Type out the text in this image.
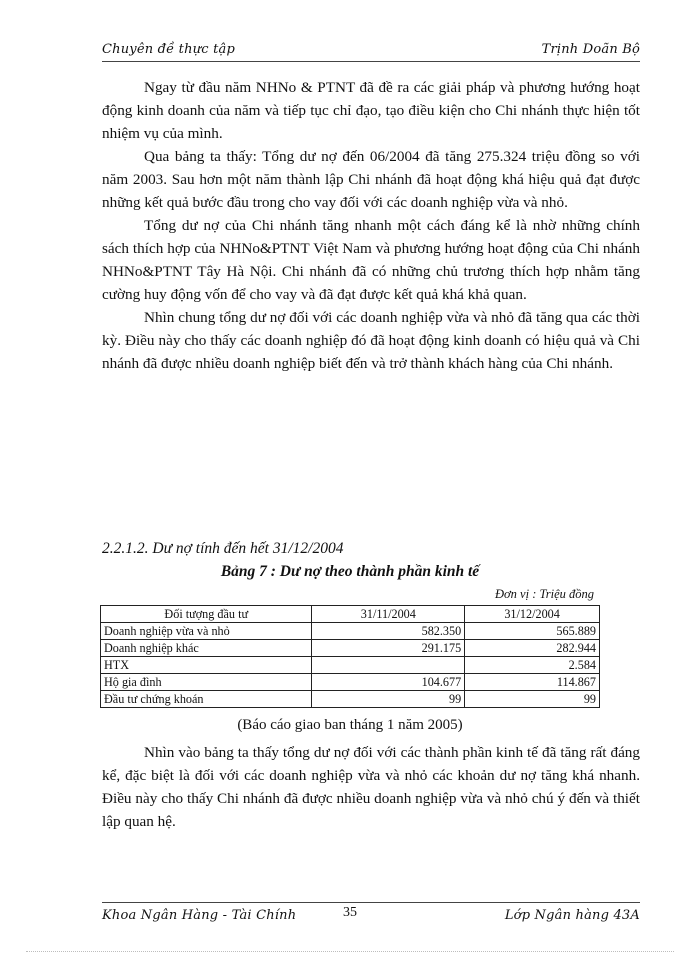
Chuyên đề thực tập	Trịnh Doãn Bộ

Ngay từ đầu năm NHNo & PTNT đã đề ra các giải pháp và phương hướng hoạt động kinh doanh của năm và tiếp tục chỉ đạo, tạo điều kiện cho Chi nhánh thực hiện tốt nhiệm vụ của mình.

Qua bảng ta thấy: Tổng dư nợ đến 06/2004 đã tăng 275.324 triệu đồng so với năm 2003. Sau hơn một năm thành lập Chi nhánh đã hoạt động khá hiệu quả đạt được những kết quả bước đầu trong cho vay đối với các doanh nghiệp vừa và nhỏ.

Tổng dư nợ của Chi nhánh tăng nhanh một cách đáng kể là nhờ những chính sách thích hợp của NHNo&PTNT Việt Nam và phương hướng hoạt động của Chi nhánh NHNo&PTNT Tây Hà Nội. Chi nhánh đã có những chủ trương thích hợp nhằm tăng cường huy động vốn để cho vay và đã đạt được kết quả khá khả quan.

Nhìn chung tổng dư nợ đối với các doanh nghiệp vừa và nhỏ đã tăng qua các thời kỳ. Điều này cho thấy các doanh nghiệp đó đã hoạt động kinh doanh có hiệu quả và Chi nhánh đã được nhiều doanh nghiệp biết đến và trở thành khách hàng của Chi nhánh.

2.2.1.2. Dư nợ tính đến hết 31/12/2004
Bảng 7 : Dư nợ theo thành phần kinh tế
Đơn vị : Triệu đồng
Đối tượng đầu tư	31/11/2004	31/12/2004
Doanh nghiệp vừa và nhỏ	582.350	565.889
Doanh nghiệp khác	291.175	282.944
HTX		2.584
Hộ gia đình	104.677	114.867
Đầu tư chứng khoán	99	99
(Báo cáo giao ban tháng 1 năm 2005)

Nhìn vào bảng ta thấy tổng dư nợ đối với các thành phần kinh tế đã tăng rất đáng kể, đặc biệt là đối với các doanh nghiệp vừa và nhỏ các khoản dư nợ tăng khá nhanh. Điều này cho thấy Chi nhánh đã được nhiều doanh nghiệp vừa và nhỏ chú ý đến và thiết lập quan hệ.

Khoa Ngân Hàng - Tài Chính	35	Lớp Ngân hàng 43A
